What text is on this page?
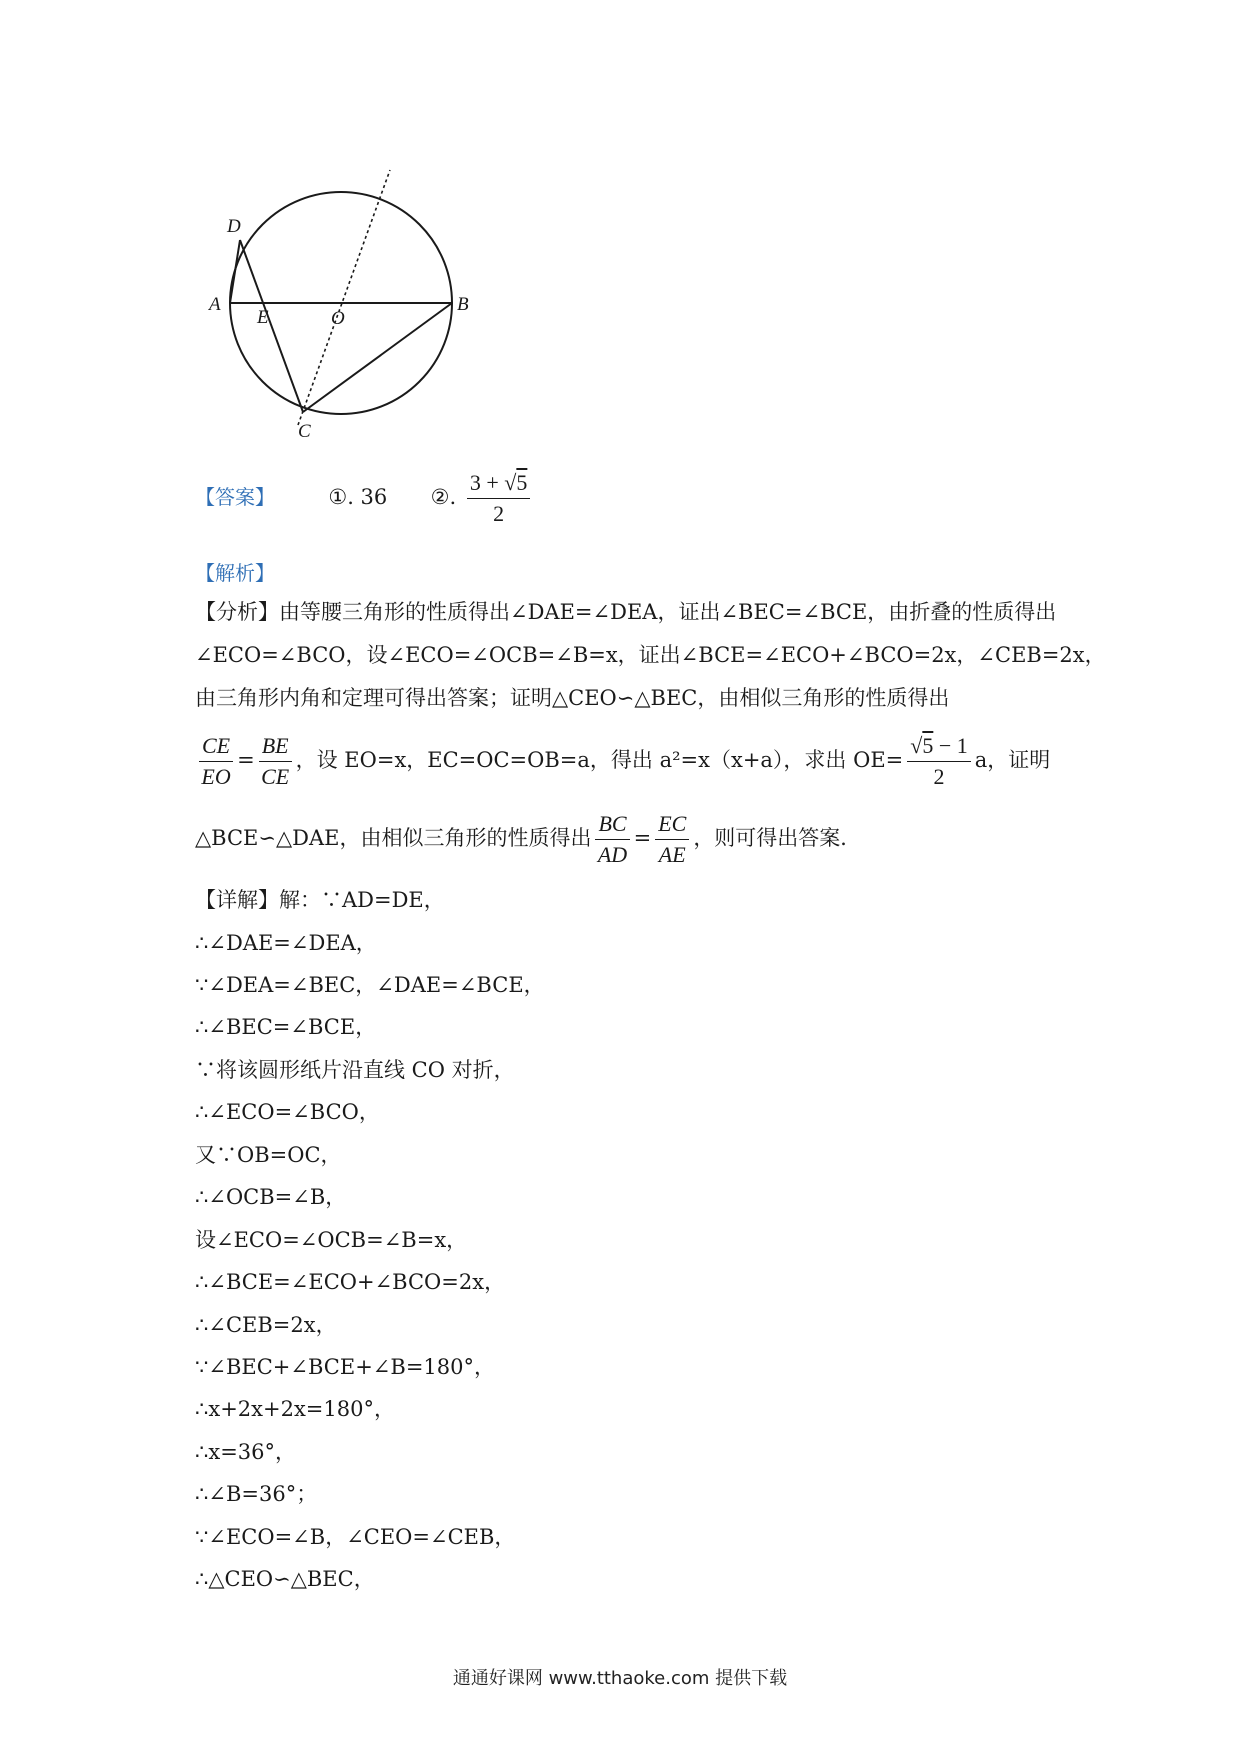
D
A
E	O
B
C
【答案】	①. 36 ②. $\frac{3 + √5}{2}$
【解析】
【分析】由等腰三角形的性质得出∠DAE=∠DEA，证出∠BEC=∠BCE，由折叠的性质得出
∠ECO=∠BCO，设∠ECO=∠OCB=∠B=x，证出∠BCE=∠ECO+∠BCO=2x，∠CEB=2x，
由三角形内角和定理可得出答案；证明△CEO∽△BEC，由相似三角形的性质得出
$\frac{CE}{EO} = \frac{BE}{CE}$ ，设 EO=x，EC=OC=OB=a，得出 a²=x（x+a），求出 $OE= \frac{√5 - 1}{2}$ a，证明
△BCE∽△DAE，由相似三角形的性质得出 $\frac{BC}{AD} = \frac{EC}{AE}$ ，则可得出答案．
【详解】解：∵AD=DE，
∴∠DAE=∠DEA，
∵∠DEA=∠BEC，∠DAE=∠BCE，
∴∠BEC=∠BCE，
∵将该圆形纸片沿直线 CO 对折，
∴∠ECO=∠BCO，
又∵OB=OC，
∴∠OCB=∠B，
设∠ECO=∠OCB=∠B=x，
∴∠BCE=∠ECO+∠BCO=2x，
∴∠CEB=2x，
∵∠BEC+∠BCE+∠B=180°，
∴x+2x+2x=180°，
∴x=36°，
∴∠B=36°；
∵∠ECO=∠B，∠CEO=∠CEB，
∴△CEO∽△BEC，
通通好课网 www.tthaoke.com 提供下载
